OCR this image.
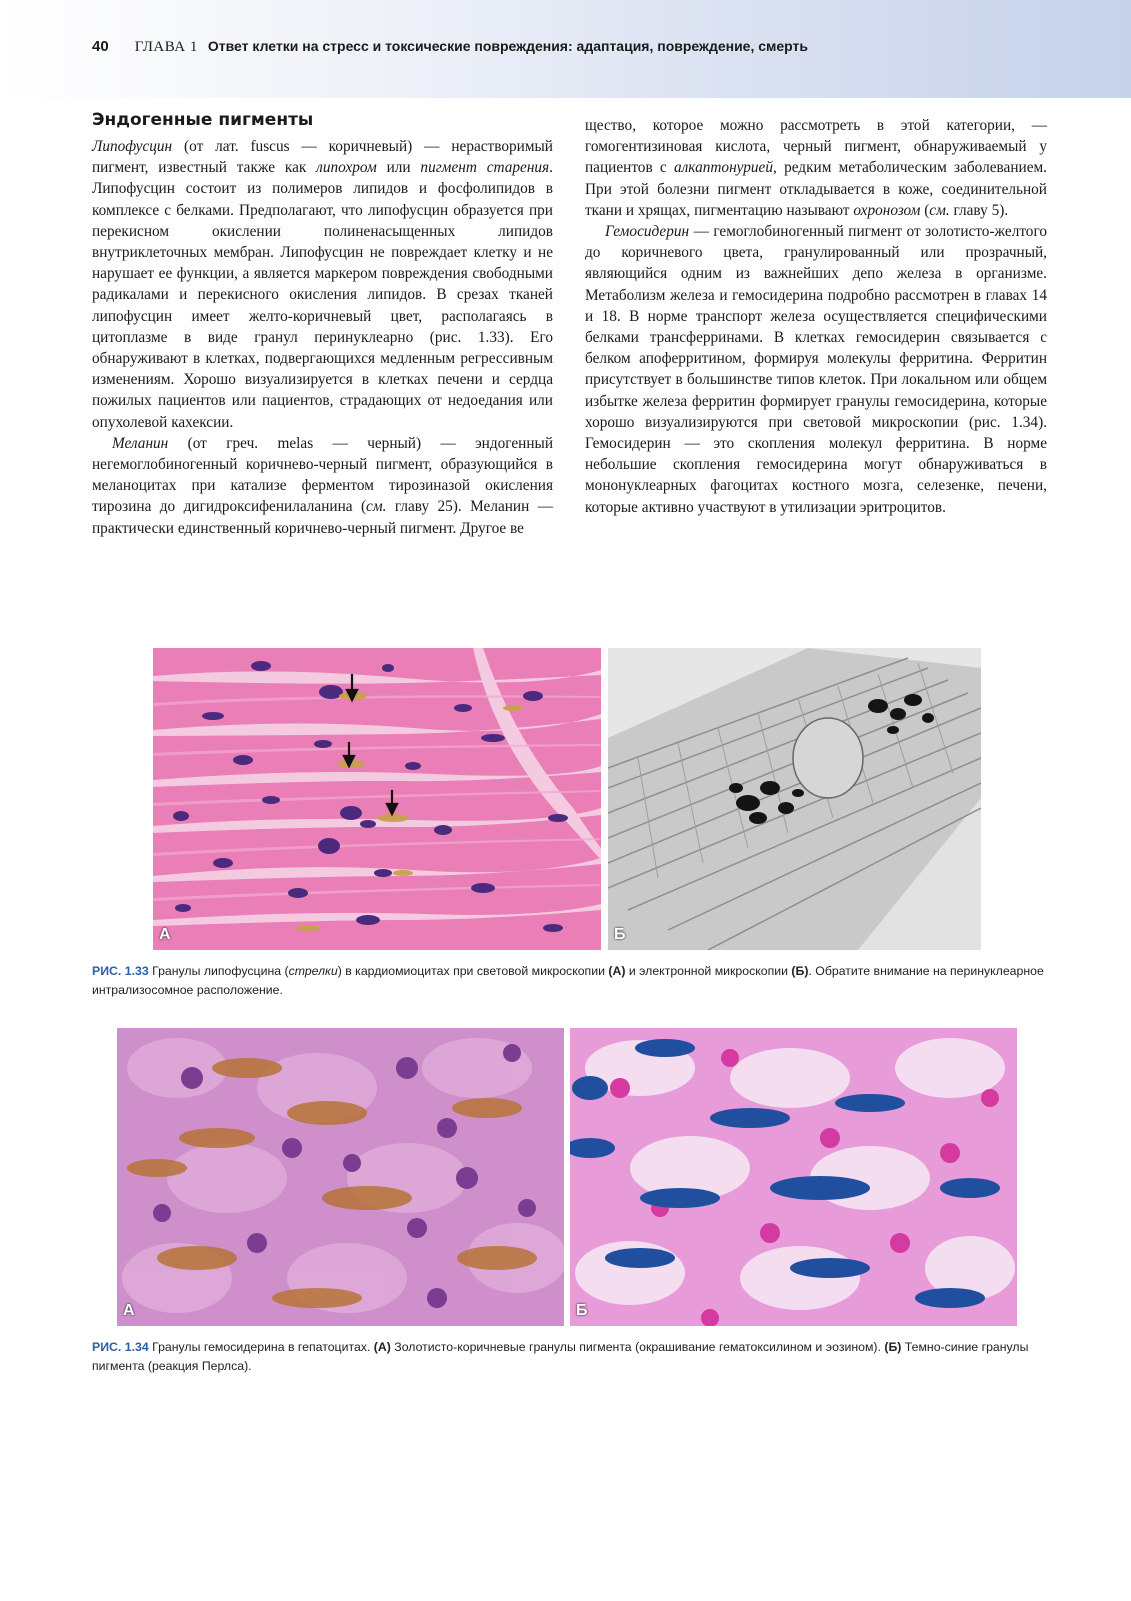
40 ГЛАВА 1 Ответ клетки на стресс и токсические повреждения: адаптация, повреждение, смерть
Эндогенные пигменты

Липофусцин (от лат. fuscus — коричневый) — нерастворимый пигмент, известный также как липохром или пигмент старения. Липофусцин состоит из полимеров липидов и фосфолипидов в комплексе с белками. Предполагают, что липофусцин образуется при перекисном окислении полиненасыщенных липидов внутриклеточных мембран. Липофусцин не повреждает клетку и не нарушает ее функции, а является маркером повреждения свободными радикалами и перекисного окисления липидов. В срезах тканей липофусцин имеет желто-коричневый цвет, располагаясь в цитоплазме в виде гранул перинуклеарно (рис. 1.33). Его обнаруживают в клетках, подвергающихся медленным регрессивным изменениям. Хорошо визуализируется в клетках печени и сердца пожилых пациентов или пациентов, страдающих от недоедания или опухолевой кахексии.

Меланин (от греч. melas — черный) — эндогенный негемоглобиногенный коричнево-черный пигмент, образующийся в меланоцитах при катализе ферментом тирозиназой окисления тирозина до дигидроксифенилаланина (см. главу 25). Меланин — практически единственный коричнево-черный пигмент. Другое ве

щество, которое можно рассмотреть в этой категории, — гомогентизиновая кислота, черный пигмент, обнаруживаемый у пациентов с алкаптонурией, редким метаболическим заболеванием. При этой болезни пигмент откладывается в коже, соединительной ткани и хрящах, пигментацию называют охронозом (см. главу 5).

Гемосидерин — гемоглобиногенный пигмент от золотисто-желтого до коричневого цвета, гранулированный или прозрачный, являющийся одним из важнейших депо железа в организме. Метаболизм железа и гемосидерина подробно рассмотрен в главах 14 и 18. В норме транспорт железа осуществляется специфическими белками трансферринами. В клетках гемосидерин связывается с белком апоферритином, формируя молекулы ферритина. Ферритин присутствует в большинстве типов клеток. При локальном или общем избытке железа ферритин формирует гранулы гемосидерина, которые хорошо визуализируются при световой микроскопии (рис. 1.34). Гемосидерин — это скопления молекул ферритина. В норме небольшие скопления гемосидерина могут обнаруживаться в мононуклеарных фагоцитах костного мозга, селезенке, печени, которые активно участвуют в утилизации эритроцитов.

А	Б
РИС. 1.33 Гранулы липофусцина (стрелки) в кардиомиоцитах при световой микроскопии (А) и электронной микроскопии (Б). Обратите внимание на перинуклеарное интрализосомное расположение.
А	Б
РИС. 1.34 Гранулы гемосидерина в гепатоцитах. (А) Золотисто-коричневые гранулы пигмента (окрашивание гематоксилином и эозином). (Б) Темно-синие гранулы пигмента (реакция Перлса).
